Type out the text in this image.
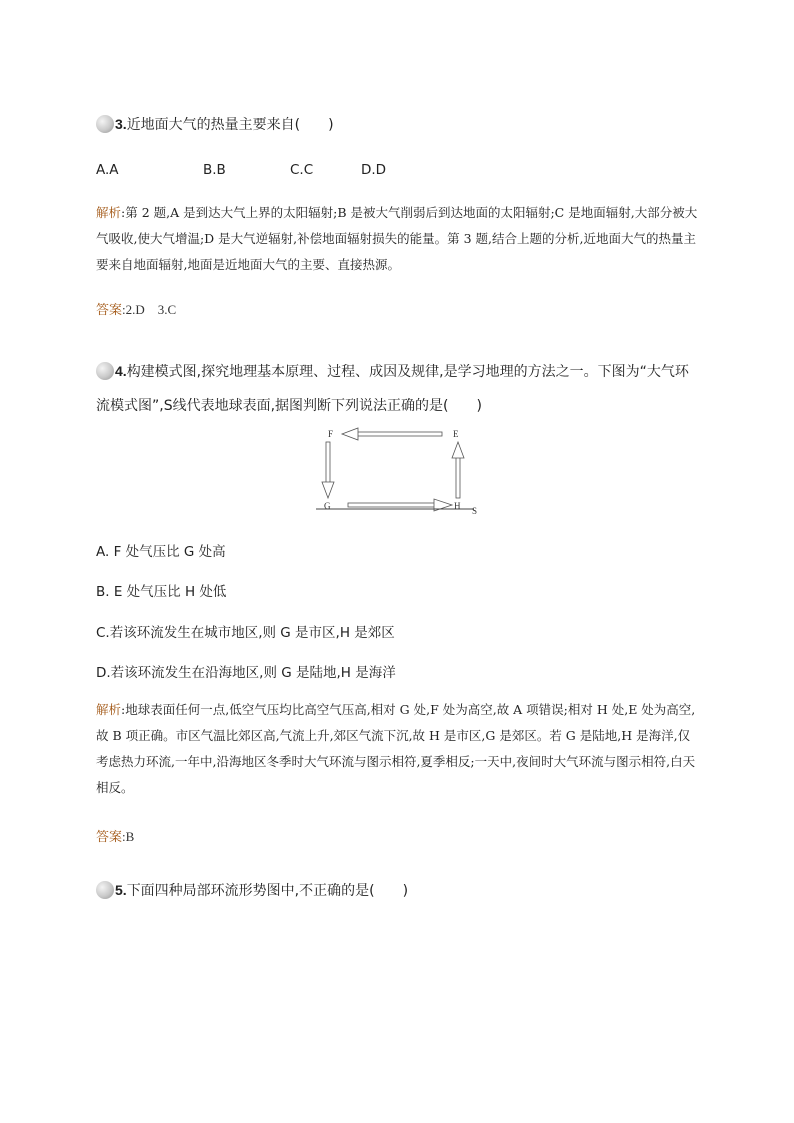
3.近地面大气的热量主要来自(　　)
A.A	B.B	C.C	D.D
解析:第 2 题,A 是到达大气上界的太阳辐射;B 是被大气削弱后到达地面的太阳辐射;C 是地面辐射,大部分被大气吸收,使大气增温;D 是大气逆辐射,补偿地面辐射损失的能量。第 3 题,结合上题的分析,近地面大气的热量主要来自地面辐射,地面是近地面大气的主要、直接热源。
答案:2.D　3.C
4.构建模式图,探究地理基本原理、过程、成因及规律,是学习地理的方法之一。下图为“大气环
流模式图”,S线代表地球表面,据图判断下列说法正确的是(　　)
F	E
G	H S
A. F 处气压比 G 处高
B. E 处气压比 H 处低
C.若该环流发生在城市地区,则 G 是市区,H 是郊区
D.若该环流发生在沿海地区,则 G 是陆地,H 是海洋
解析:地球表面任何一点,低空气压均比高空气压高,相对 G 处,F 处为高空,故 A 项错误;相对 H 处,E 处为高空,故 B 项正确。市区气温比郊区高,气流上升,郊区气流下沉,故 H 是市区,G 是郊区。若 G 是陆地,H 是海洋,仅考虑热力环流,一年中,沿海地区冬季时大气环流与图示相符,夏季相反;一天中,夜间时大气环流与图示相符,白天相反。
答案:B
5.下面四种局部环流形势图中,不正确的是(　　)
